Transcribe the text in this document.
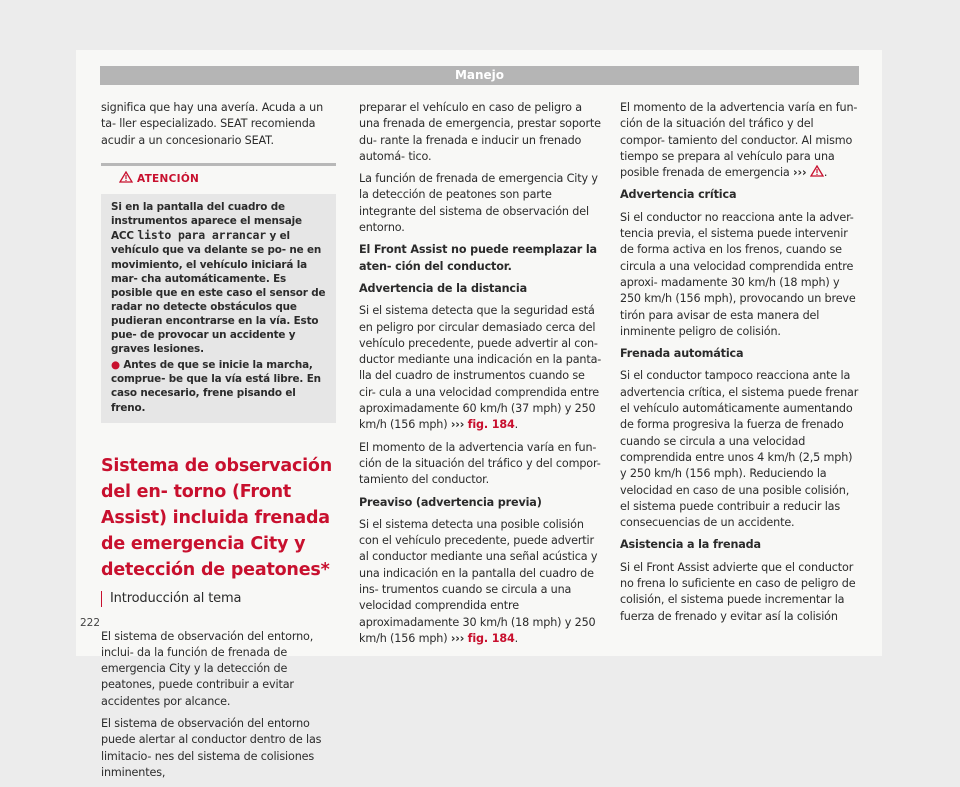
Manejo

significa que hay una avería. Acuda a un ta- ller especializado. SEAT recomienda acudir a un concesionario SEAT.

ATENCIÓN
Si en la pantalla del cuadro de instrumentos aparece el mensaje ACC listo para arrancar y el vehículo que va delante se po- ne en movimiento, el vehículo iniciará la mar- cha automáticamente. Es posible que en este caso el sensor de radar no detecte obstáculos que pudieran encontrarse en la vía. Esto pue- de provocar un accidente y graves lesiones.
● Antes de que se inicie la marcha, comprue- be que la vía está libre. En caso necesario, frene pisando el freno.
Sistema de observación del en- torno (Front Assist) incluida frenada de emergencia City y detección de peatones*
Introducción al tema

El sistema de observación del entorno, inclui- da la función de frenada de emergencia City y la detección de peatones, puede contribuir a evitar accidentes por alcance.

El sistema de observación del entorno puede alertar al conductor dentro de las limitacio- nes del sistema de colisiones inminentes,

preparar el vehículo en caso de peligro a una frenada de emergencia, prestar soporte du- rante la frenada e inducir un frenado automá- tico.

La función de frenada de emergencia City y la detección de peatones son parte integrante del sistema de observación del entorno.

El Front Assist no puede reemplazar la aten- ción del conductor.

Advertencia de la distancia

Si el sistema detecta que la seguridad está en peligro por circular demasiado cerca del vehículo precedente, puede advertir al con- ductor mediante una indicación en la panta- lla del cuadro de instrumentos cuando se cir- cula a una velocidad comprendida entre aproximadamente 60 km/h (37 mph) y 250 km/h (156 mph) ››› fig. 184.

El momento de la advertencia varía en fun- ción de la situación del tráfico y del compor- tamiento del conductor.

Preaviso (advertencia previa)

Si el sistema detecta una posible colisión con el vehículo precedente, puede advertir al conductor mediante una señal acústica y una indicación en la pantalla del cuadro de ins- trumentos cuando se circula a una velocidad comprendida entre aproximadamente 30 km/h (18 mph) y 250 km/h (156 mph) ››› fig. 184.

El momento de la advertencia varía en fun- ción de la situación del tráfico y del compor- tamiento del conductor. Al mismo tiempo se prepara al vehículo para una posible frenada de emergencia ››› .

Advertencia crítica

Si el conductor no reacciona ante la adver- tencia previa, el sistema puede intervenir de forma activa en los frenos, cuando se circula a una velocidad comprendida entre aproxi- madamente 30 km/h (18 mph) y 250 km/h (156 mph), provocando un breve tirón para avisar de esta manera del inminente peligro de colisión.

Frenada automática

Si el conductor tampoco reacciona ante la advertencia crítica, el sistema puede frenar el vehículo automáticamente aumentando de forma progresiva la fuerza de frenado cuando se circula a una velocidad comprendida entre unos 4 km/h (2,5 mph) y 250 km/h (156 mph). Reduciendo la velocidad en caso de una posible colisión, el sistema puede contribuir a reducir las consecuencias de un accidente.

Asistencia a la frenada

Si el Front Assist advierte que el conductor no frena lo suficiente en caso de peligro de colisión, el sistema puede incrementar la fuerza de frenado y evitar así la colisión

222
